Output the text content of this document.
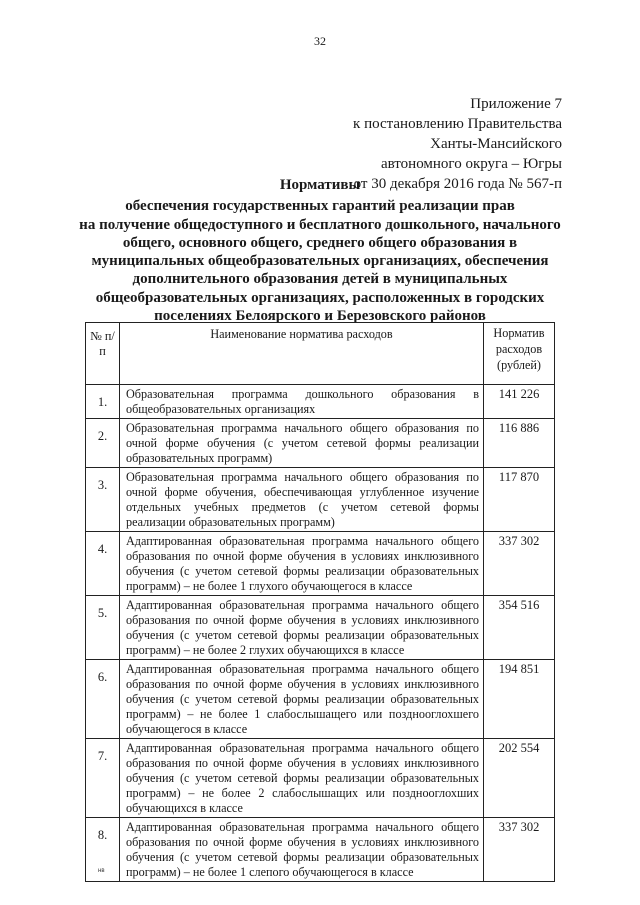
32
Приложение 7
к постановлению Правительства
Ханты-Мансийского
автономного округа – Югры
от 30 декабря 2016 года № 567-п
Нормативы
обеспечения государственных гарантий реализации прав
на получение общедоступного и бесплатного дошкольного, начального
общего, основного общего, среднего общего образования в
муниципальных общеобразовательных организациях, обеспечения
дополнительного образования детей в муниципальных
общеобразовательных организациях, расположенных в городских
поселениях Белоярского и Березовского районов
№ п/п	Наименование норматива расходов	Норматив расходов (рублей)
1.	Образовательная программа дошкольного образования в общеобразовательных организациях	141 226
2.	Образовательная программа начального общего образования по очной форме обучения (с учетом сетевой формы реализации образовательных программ)	116 886
3.	Образовательная программа начального общего образования по очной форме обучения, обеспечивающая углубленное изучение отдельных учебных предметов (с учетом сетевой формы реализации образовательных программ)	117 870
4.	Адаптированная образовательная программа начального общего образования по очной форме обучения в условиях инклюзивного обучения (с учетом сетевой формы реализации образовательных программ) – не более 1 глухого обучающегося в классе	337 302
5.	Адаптированная образовательная программа начального общего образования по очной форме обучения в условиях инклюзивного обучения (с учетом сетевой формы реализации образовательных программ) – не более 2 глухих обучающихся в классе	354 516
6.	Адаптированная образовательная программа начального общего образования по очной форме обучения в условиях инклюзивного обучения (с учетом сетевой формы реализации образовательных программ) – не более 1 слабослышащего или позднооглохшего обучающегося в классе	194 851
7.	Адаптированная образовательная программа начального общего образования по очной форме обучения в условиях инклюзивного обучения (с учетом сетевой формы реализации образовательных программ) – не более 2 слабослышащих или позднооглохших обучающихся в классе	202 554
8.	Адаптированная образовательная программа начального общего образования по очной форме обучения в условиях инклюзивного обучения (с учетом сетевой формы реализации образовательных программ) – не более 1 слепого обучающегося в классе	337 302
нв
